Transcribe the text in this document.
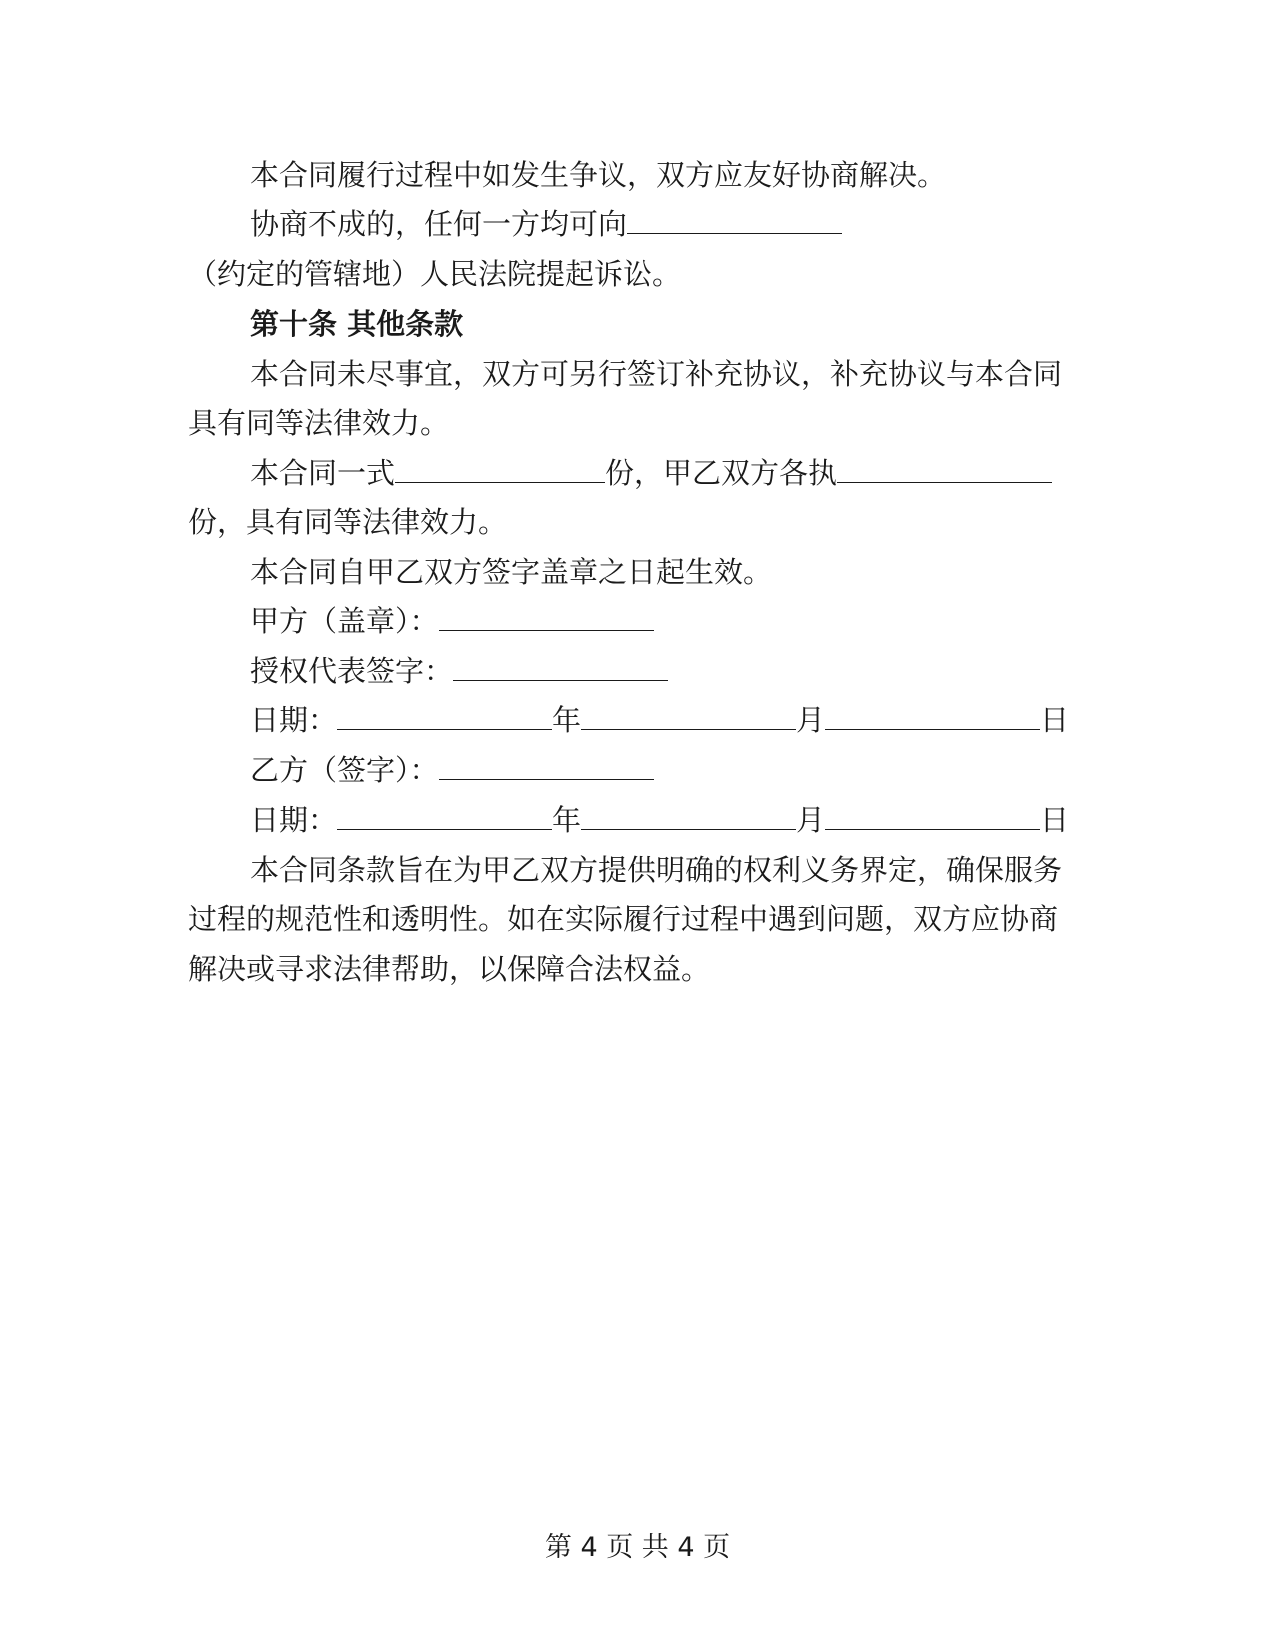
本合同履行过程中如发生争议，双方应友好协商解决。
协商不成的，任何一方均可向
（约定的管辖地）人民法院提起诉讼。
第十条 其他条款
本合同未尽事宜，双方可另行签订补充协议，补充协议与本合同
具有同等法律效力。
本合同一式	份，甲乙双方各执
份，具有同等法律效力。
本合同自甲乙双方签字盖章之日起生效。
甲方（盖章）：
授权代表签字：
日期：	年	月	日
乙方（签字）：
日期：	年	月	日
本合同条款旨在为甲乙双方提供明确的权利义务界定，确保服务
过程的规范性和透明性。如在实际履行过程中遇到问题，双方应协商
解决或寻求法律帮助，以保障合法权益。
第 4 页 共 4 页
